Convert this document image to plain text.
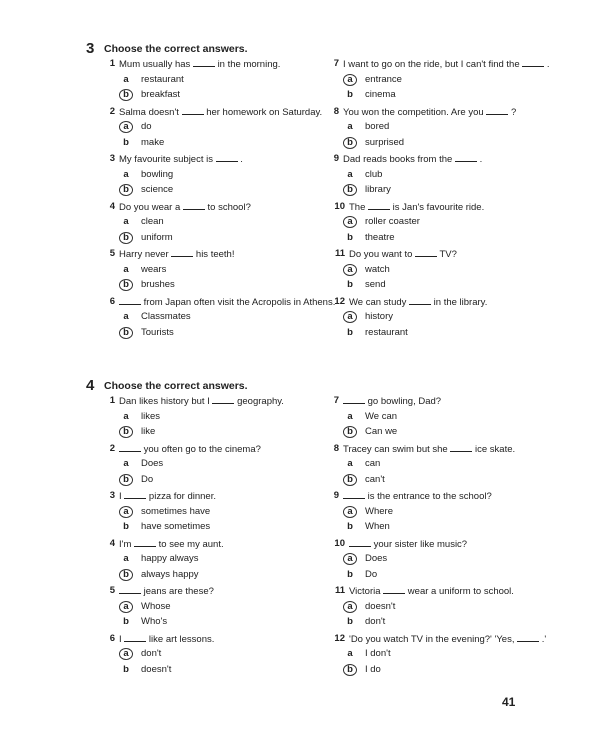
3 Choose the correct answers.
1 Mum usually has	in the morning.
a	restaurant
b	breakfast
2 Salma doesn't	her homework on Saturday.
a	do
b	make
3 My favourite subject is	.
a	bowling
b	science
4 Do you wear a	to school?
a	clean
b	uniform
5 Harry never	his teeth!
a	wears
b	brushes
6	from Japan often visit the Acropolis in Athens.
a	Classmates
b	Tourists
7 I want to go on the ride, but I can't find the	.
a	entrance
b	cinema
8 You won the competition. Are you	?
a	bored
b	surprised
9 Dad reads books from the	.
a	club
b	library
10 The	is Jan's favourite ride.
a	roller coaster
b	theatre
11 Do you want to	TV?
a	watch
b	send
12 We can study	in the library.
a	history
b	restaurant
4 Choose the correct answers.
1 Dan likes history but I	geography.
a	likes
b	like
2	you often go to the cinema?
a	Does
b	Do
3 I	pizza for dinner.
a	sometimes have
b	have sometimes
4 I'm	to see my aunt.
a	happy always
b	always happy
5	jeans are these?
a	Whose
b	Who's
6 I	like art lessons.
a	don't
b	doesn't
7	go bowling, Dad?
a	We can
b	Can we
8 Tracey can swim but she	ice skate.
a	can
b	can't
9	is the entrance to the school?
a	Where
b	When
10	your sister like music?
a	Does
b	Do
11 Victoria	wear a uniform to school.
a	doesn't
b	don't
12 'Do you watch TV in the evening?' 'Yes,	.'
a	I don't
b	I do
41
